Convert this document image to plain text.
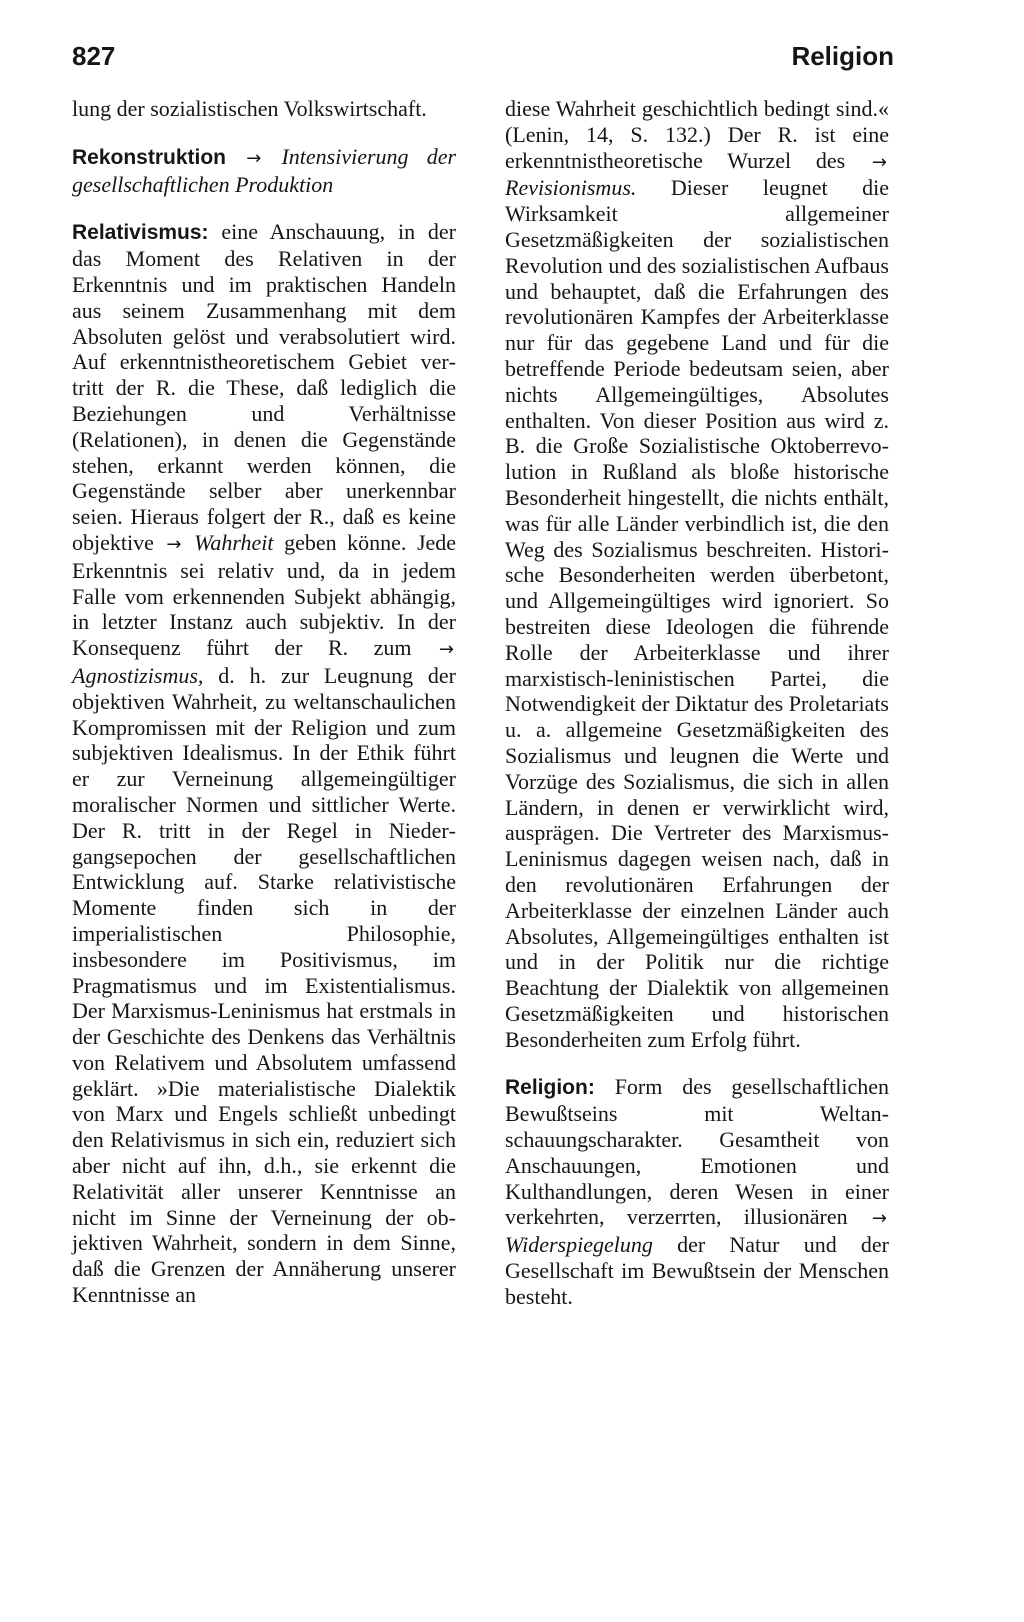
827	Religion

lung der sozialistischen Volkswirtschaft.

Rekonstruktion → Intensivierung der gesellschaftlichen Produktion

Relativismus: eine Anschauung, in der das Moment des Relativen in der Erkenntnis und im praktischen Handeln aus seinem Zusammenhang mit dem Absoluten gelöst und verabsolutiert wird. Auf erkenntnistheoretischem Gebiet vertritt der R. die These, daß lediglich die Beziehungen und Verhältnisse (Relationen), in denen die Gegenstände stehen, erkannt werden können, die Gegenstände selber aber unerkennbar seien. Hieraus folgert der R., daß es keine objektive → Wahrheit geben könne. Jede Erkenntnis sei relativ und, da in jedem Falle vom erkennenden Subjekt abhängig, in letzter Instanz auch subjektiv. In der Konsequenz führt der R. zum → Agnostizismus, d. h. zur Leugnung der objektiven Wahrheit, zu weltanschaulichen Kompromissen mit der Religion und zum subjektiven Idealismus. In der Ethik führt er zur Verneinung allgemeingültiger moralischer Normen und sittlicher Werte. Der R. tritt in der Regel in Niedergangsepochen der gesellschaftlichen Entwicklung auf. Starke relativistische Momente finden sich in der imperialistischen Philosophie, insbesondere im Positivismus, im Pragmatismus und im Existentialismus. Der Marxismus-Leninismus hat erstmals in der Geschichte des Denkens das Verhältnis von Relativem und Absolutem umfassend geklärt. »Die materialistische Dialektik von Marx und Engels schließt unbedingt den Relativismus in sich ein, reduziert sich aber nicht auf ihn, d.h., sie erkennt die Relativität aller unserer Kenntnisse an nicht im Sinne der Verneinung der objektiven Wahrheit, sondern in dem Sinne, daß die Grenzen der Annäherung unserer Kenntnisse an

diese Wahrheit geschichtlich bedingt sind.« (Lenin, 14, S. 132.) Der R. ist eine erkenntnistheoretische Wurzel des → Revisionismus. Dieser leugnet die Wirksamkeit allgemeiner Gesetzmäßigkeiten der sozialistischen Revolution und des sozialistischen Aufbaus und behauptet, daß die Erfahrungen des revolutionären Kampfes der Arbeiterklasse nur für das gegebene Land und für die betreffende Periode bedeutsam seien, aber nichts Allgemeingültiges, Absolutes enthalten. Von dieser Position aus wird z. B. die Große Sozialistische Oktoberrevolution in Rußland als bloße historische Besonderheit hingestellt, die nichts enthält, was für alle Länder verbindlich ist, die den Weg des Sozialismus beschreiten. Historische Besonderheiten werden überbetont, und Allgemeingültiges wird ignoriert. So bestreiten diese Ideologen die führende Rolle der Arbeiterklasse und ihrer marxistisch-leninistischen Partei, die Notwendigkeit der Diktatur des Proletariats u. a. allgemeine Gesetzmäßigkeiten des Sozialismus und leugnen die Werte und Vorzüge des Sozialismus, die sich in allen Ländern, in denen er verwirklicht wird, ausprägen. Die Vertreter des Marxismus-Leninismus dagegen weisen nach, daß in den revolutionären Erfahrungen der Arbeiterklasse der einzelnen Länder auch Absolutes, Allgemeingültiges enthalten ist und in der Politik nur die richtige Beachtung der Dialektik von allgemeinen Gesetzmäßigkeiten und historischen Besonderheiten zum Erfolg führt.

Religion: Form des gesellschaftlichen Bewußtseins mit Weltanschauungscharakter. Gesamtheit von Anschauungen, Emotionen und Kulthandlungen, deren Wesen in einer verkehrten, verzerrten, illusionären → Widerspiegelung der Natur und der Gesellschaft im Bewußtsein der Menschen besteht.
